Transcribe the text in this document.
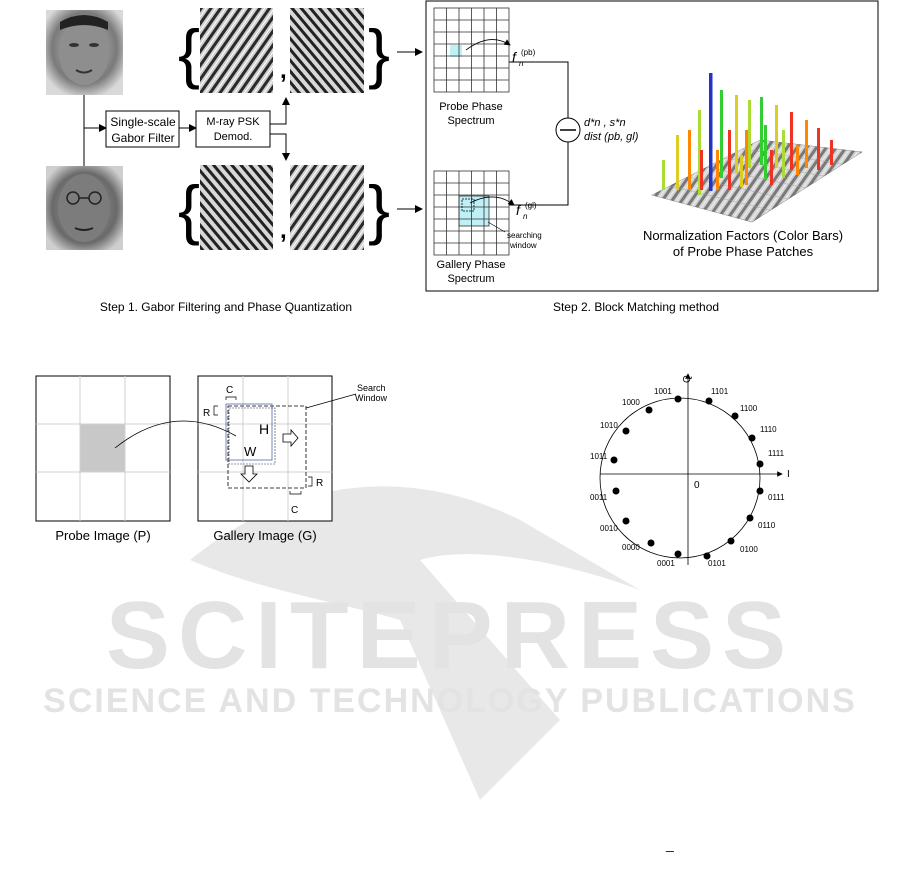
SCITEPRESS
SCIENCE AND TECHNOLOGY PUBLICATIONS
Single-scale
Gabor Filter
M-ray PSK
Demod.
{	, }
{	, }
Probe Phase
Spectrum
f n
(pb)
Gallery Phase
Spectrum
f n
(gl)
searching
window
d*n , s*n
dist (pb, gl)
Normalization Factors (Color Bars)
of Probe Phase Patches
Step 1. Gabor Filtering and Phase Quantization	Step 2. Block Matching method
Probe Image (P)	Gallery Image (G)
C
R
R
C
H
W
Search
Window
I
Q
0
1001	1101
1000
1100
1010	1110
1011	1111
0011	0111
0010	0110
0000	0100
0001	0101
_
